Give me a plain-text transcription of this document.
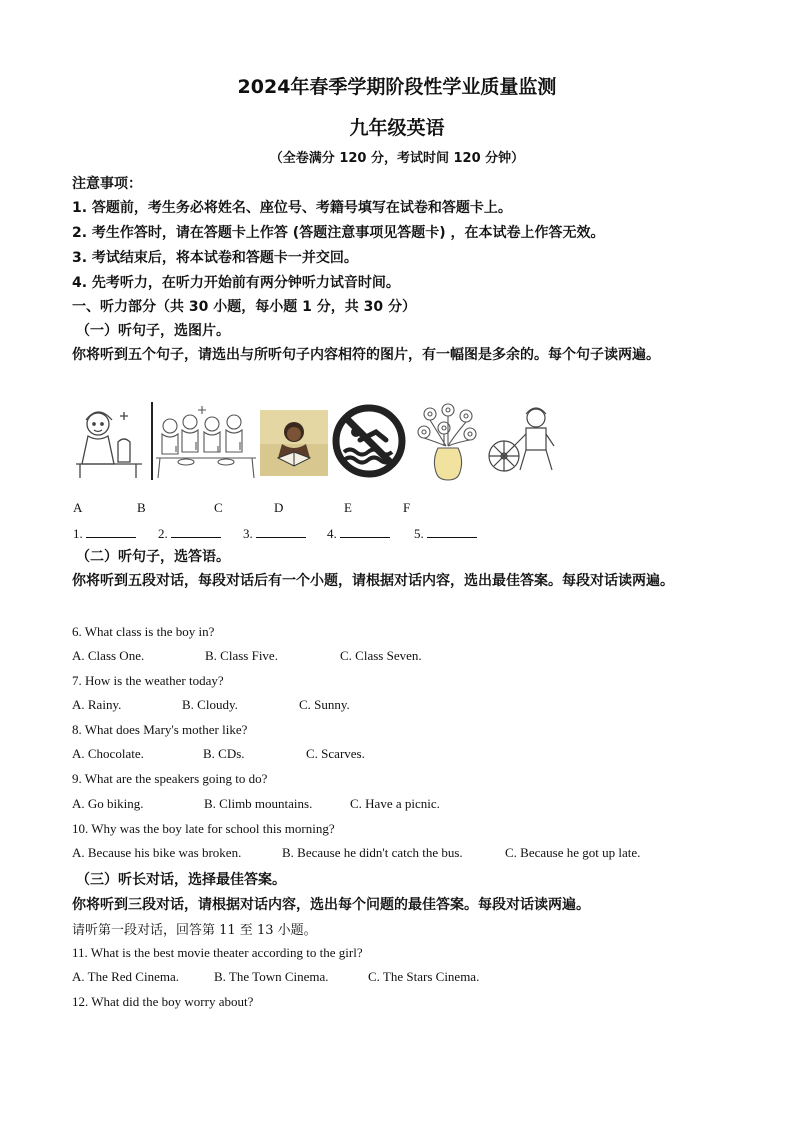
2024年春季学期阶段性学业质量监测
九年级英语
（全卷满分 120 分，考试时间 120 分钟）
注意事项：
1. 答题前，考生务必将姓名、座位号、考籍号填写在试卷和答题卡上。
2. 考生作答时，请在答题卡上作答 (答题注意事项见答题卡) ，在本试卷上作答无效。
3. 考试结束后，将本试卷和答题卡一并交回。
4. 先考听力，在听力开始前有两分钟听力试音时间。
一、听力部分（共 30 小题，每小题 1 分，共 30 分）
（一）听句子，选图片。
你将听到五个句子，请选出与所听句子内容相符的图片，有一幅图是多余的。每个句子读两遍。
A	B	C	D	E	F
1.	2.	3.	4.	5.
（二）听句子，选答语。
你将听到五段对话，每段对话后有一个小题，请根据对话内容，选出最佳答案。每段对话读两遍。
6. What class is the boy in?
A. Class One.	B. Class Five.	C. Class Seven.
7. How is the weather today?
A. Rainy.	B. Cloudy.	C. Sunny.
8. What does Mary's mother like?
A. Chocolate.	B. CDs.	C. Scarves.
9. What are the speakers going to do?
A. Go biking.	B. Climb mountains.	C. Have a picnic.
10. Why was the boy late for school this morning?
A. Because his bike was broken.	B. Because he didn't catch the bus.	C. Because he got up late.
（三）听长对话，选择最佳答案。
你将听到三段对话，请根据对话内容，选出每个问题的最佳答案。每段对话读两遍。
请听第一段对话，回答第 11 至 13 小题。
11. What is the best movie theater according to the girl?
A. The Red Cinema.	B. The Town Cinema.	C. The Stars Cinema.
12. What did the boy worry about?
